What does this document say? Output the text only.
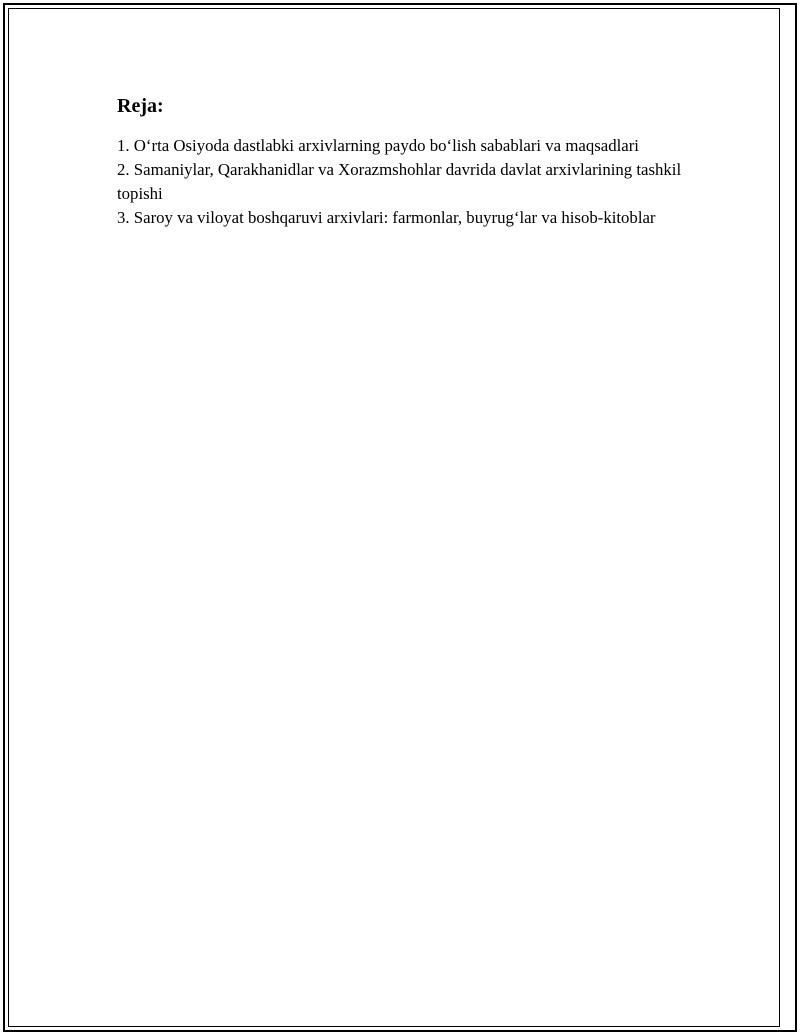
Reja:
1. O‘rta Osiyoda dastlabki arxivlarning paydo bo‘lish sabablari va maqsadlari
2. Samaniylar, Qarakhanidlar va Xorazmshohlar davrida davlat arxivlarining tashkil topishi
3. Saroy va viloyat boshqaruvi arxivlari: farmonlar, buyrug‘lar va hisob-kitoblar
